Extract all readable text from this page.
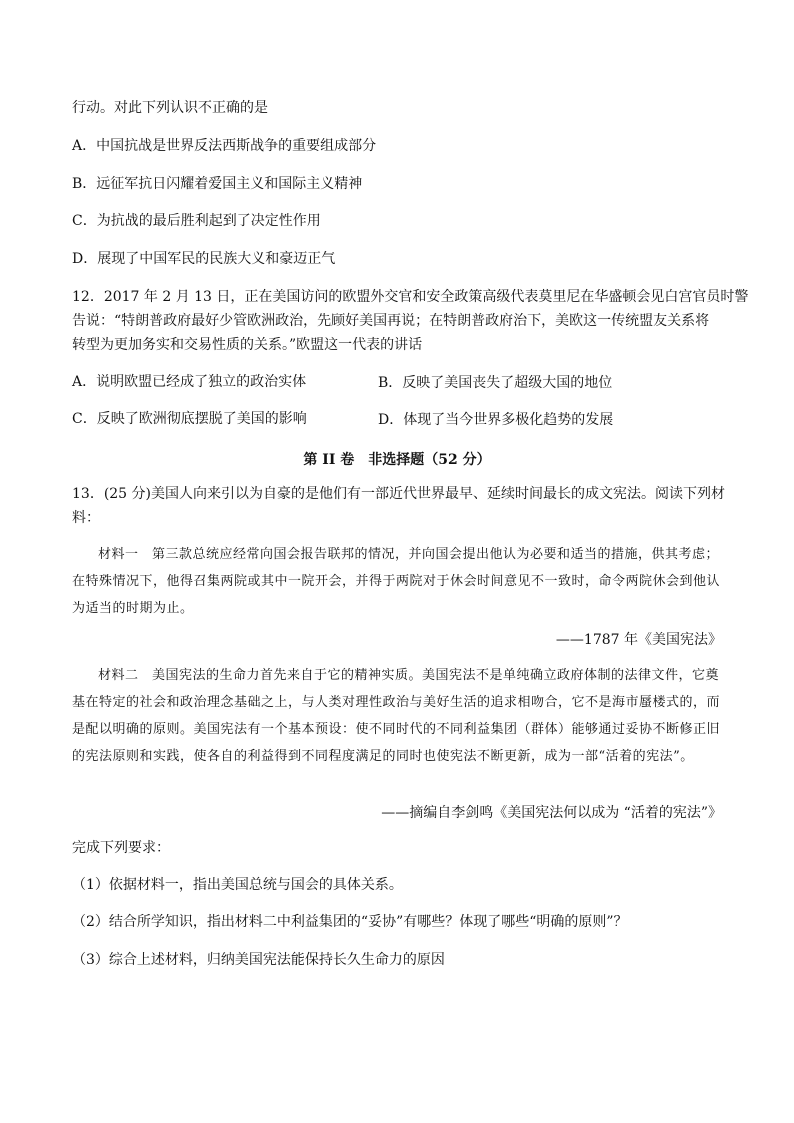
行动。对此下列认识不正确的是
A．中国抗战是世界反法西斯战争的重要组成部分
B．远征军抗日闪耀着爱国主义和国际主义精神
C．为抗战的最后胜利起到了决定性作用
D．展现了中国军民的民族大义和豪迈正气
12．2017 年 2 月 13 日，正在美国访问的欧盟外交官和安全政策高级代表莫里尼在华盛顿会见白宫官员时警
告说：“特朗普政府最好少管欧洲政治，先顾好美国再说；在特朗普政府治下，美欧这一传统盟友关系将
转型为更加务实和交易性质的关系。”欧盟这一代表的讲话
A．说明欧盟已经成了独立的政治实体	B．反映了美国丧失了超级大国的地位
C．反映了欧洲彻底摆脱了美国的影响	D．体现了当今世界多极化趋势的发展
第 II 卷　非选择题（52 分）
13．(25 分)美国人向来引以为自豪的是他们有一部近代世界最早、延续时间最长的成文宪法。阅读下列材
料：
材料一　第三款总统应经常向国会报告联邦的情况，并向国会提出他认为必要和适当的措施，供其考虑；在特殊情况下，他得召集两院或其中一院开会，并得于两院对于休会时间意见不一致时，命令两院休会到他认为适当的时期为止。
——1787 年《美国宪法》
材料二　美国宪法的生命力首先来自于它的精神实质。美国宪法不是单纯确立政府体制的法律文件，它奠基在特定的社会和政治理念基础之上，与人类对理性政治与美好生活的追求相吻合，它不是海市蜃楼式的，而是配以明确的原则。美国宪法有一个基本预设：使不同时代的不同利益集团（群体）能够通过妥协不断修正旧的宪法原则和实践，使各自的利益得到不同程度满足的同时也使宪法不断更新，成为一部“活着的宪法”。
——摘编自李剑鸣《美国宪法何以成为 “活着的宪法”》
完成下列要求：
（1）依据材料一，指出美国总统与国会的具体关系。
（2）结合所学知识，指出材料二中利益集团的“妥协”有哪些？体现了哪些“明确的原则”？
（3）综合上述材料，归纳美国宪法能保持长久生命力的原因
